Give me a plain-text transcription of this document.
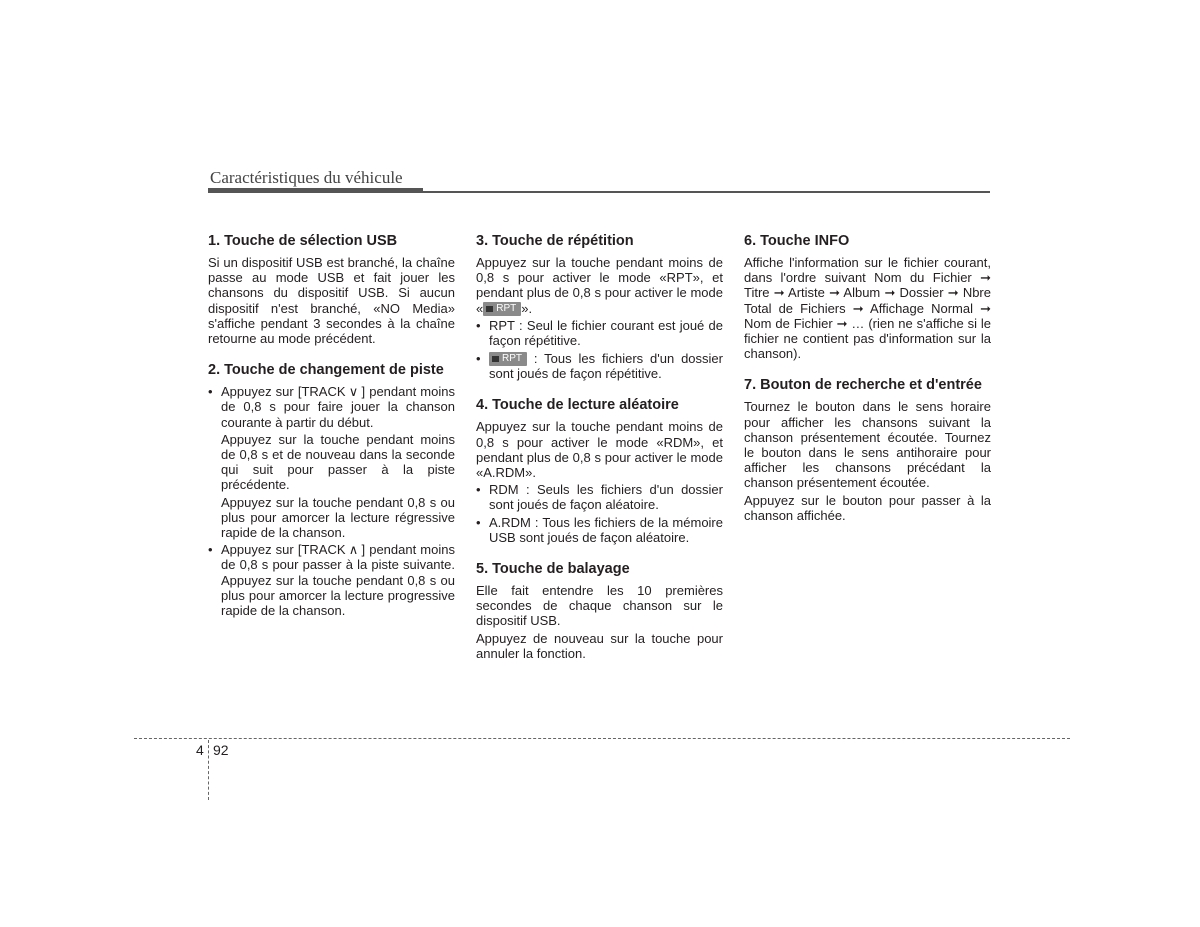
Caractéristiques du véhicule
1. Touche de sélection USB

Si un dispositif USB est branché, la chaîne passe au mode USB et fait jouer les chansons du dispositif USB. Si aucun dispositif n'est branché, «NO Media» s'affiche pendant 3 secondes à la chaîne retourne au mode précédent.

2. Touche de changement de piste
• Appuyez sur [TRACK ∨ ] pendant moins de 0,8 s pour faire jouer la chanson courante à partir du début.

Appuyez sur la touche pendant moins de 0,8 s et de nouveau dans la seconde qui suit pour passer à la piste précédente.

Appuyez sur la touche pendant 0,8 s ou plus pour amorcer la lecture régressive rapide de la chanson.

• Appuyez sur [TRACK ∧ ] pendant moins de 0,8 s pour passer à la piste suivante. Appuyez sur la touche pendant 0,8 s ou plus pour amorcer la lecture progressive rapide de la chanson.
3. Touche de répétition

Appuyez sur la touche pendant moins de 0,8 s pour activer le mode «RPT», et pendant plus de 0,8 s pour activer le mode « RPT ».

• RPT : Seul le fichier courant est joué de façon répétitive.
• RPT : Tous les fichiers d'un dossier sont joués de façon répétitive.
4. Touche de lecture aléatoire

Appuyez sur la touche pendant moins de 0,8 s pour activer le mode «RDM», et pendant plus de 0,8 s pour activer le mode «A.RDM».

• RDM : Seuls les fichiers d'un dossier sont joués de façon aléatoire.
• A.RDM : Tous les fichiers de la mémoire USB sont joués de façon aléatoire.
5. Touche de balayage

Elle fait entendre les 10 premières secondes de chaque chanson sur le dispositif USB.

Appuyez de nouveau sur la touche pour annuler la fonction.

6. Touche INFO

Affiche l'information sur le fichier courant, dans l'ordre suivant Nom du Fichier ➞ Titre ➞ Artiste ➞ Album ➞ Dossier ➞ Nbre Total de Fichiers ➞ Affichage Normal ➞ Nom de Fichier ➞ … (rien ne s'affiche si le fichier ne contient pas d'information sur la chanson).

7. Bouton de recherche et d'entrée

Tournez le bouton dans le sens horaire pour afficher les chansons suivant la chanson présentement écoutée. Tournez le bouton dans le sens antihoraire pour afficher les chansons précédant la chanson présentement écoutée.

Appuyez sur le bouton pour passer à la chanson affichée.

4 92
